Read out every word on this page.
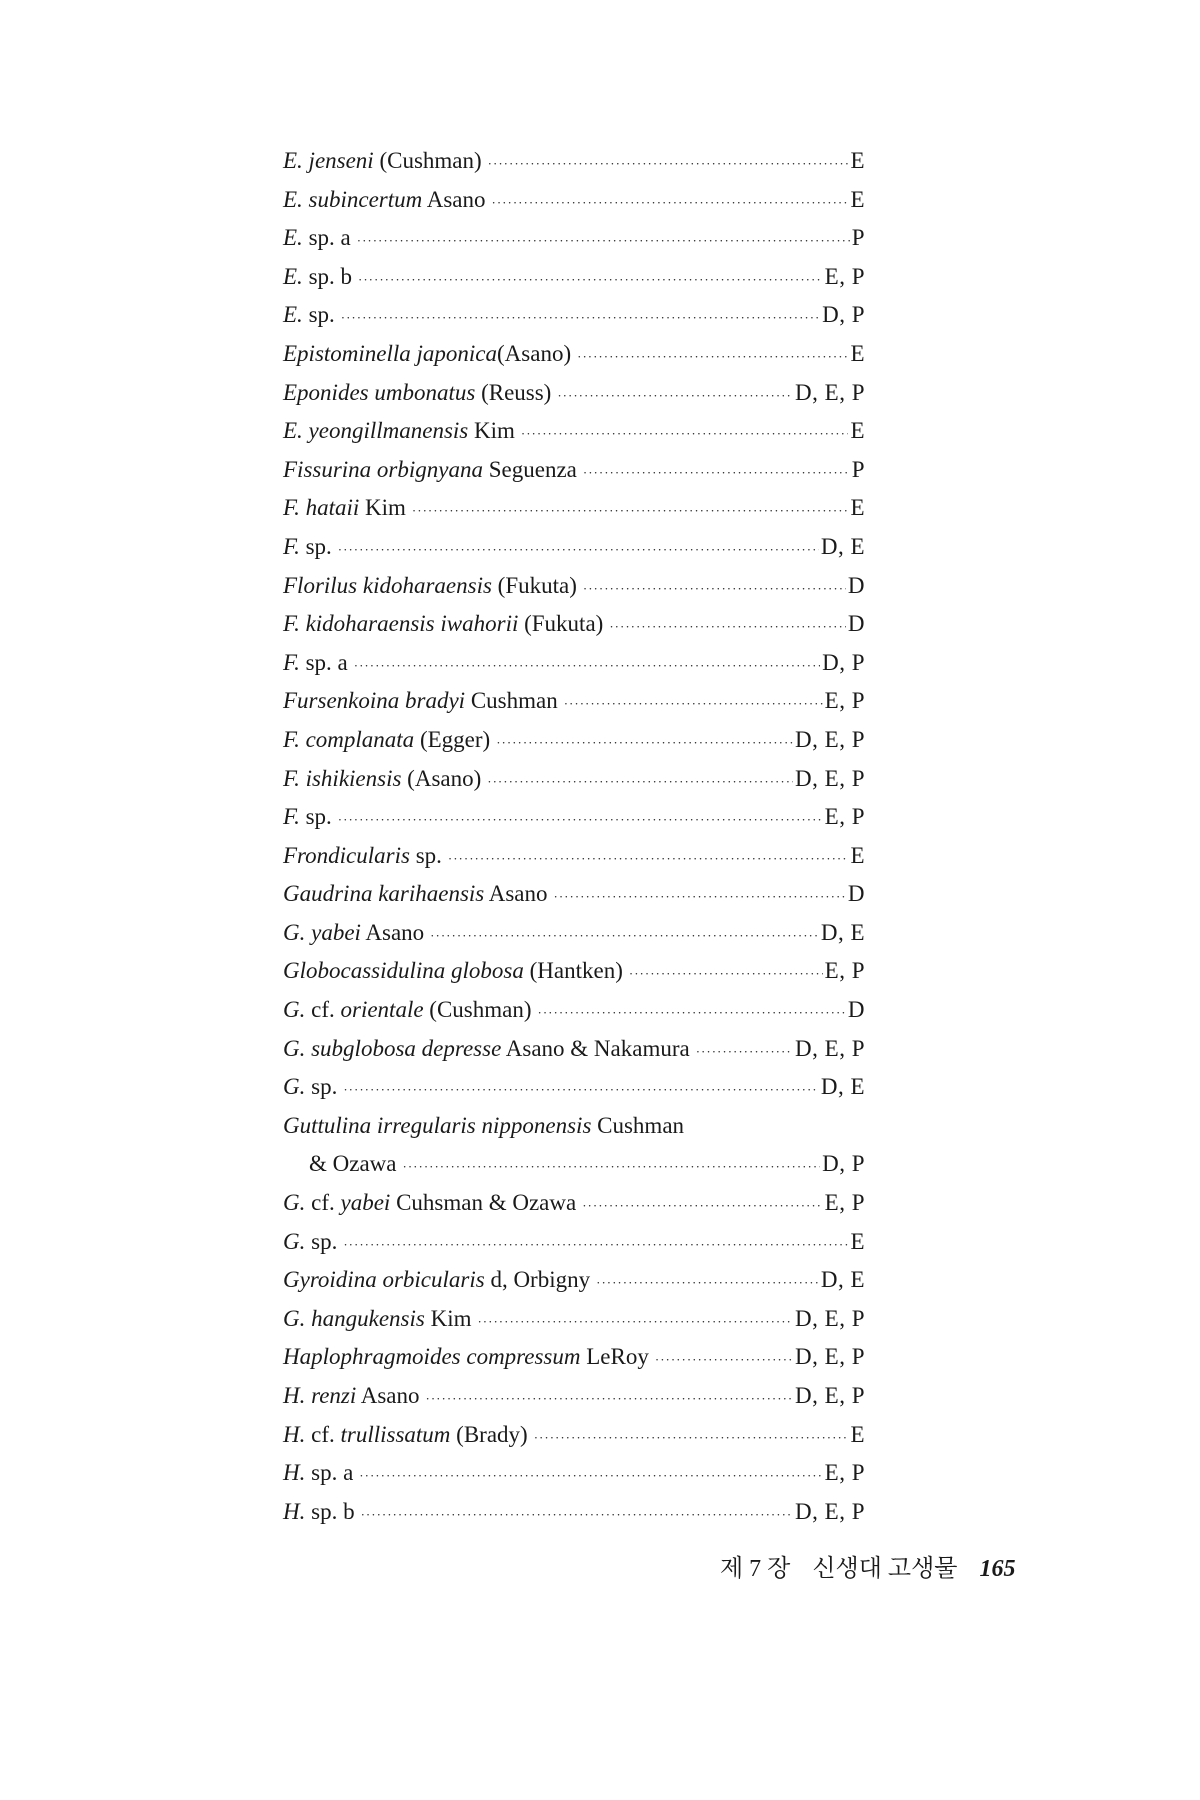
E. jenseni (Cushman) ·····	E
E. subincertum Asano ·····	E
E. sp. a ·····	P
E. sp. b ·····	E, P
E. sp. ·····	D, P
Epistominella japonica(Asano) ·····	E
Eponides umbonatus (Reuss) ·····	D, E, P
E. yeongillmanensis Kim ·····	E
Fissurina orbignyana Seguenza ·····	P
F. hataii Kim ·····	E
F. sp. ·····	D, E
Florilus kidoharaensis (Fukuta) ·····	D
F. kidoharaensis iwahorii (Fukuta) ·····	D
F. sp. a ·····	D, P
Fursenkoina bradyi Cushman ·····	E, P
F. complanata (Egger) ·····	D, E, P
F. ishikiensis (Asano) ·····	D, E, P
F. sp. ·····	E, P
Frondicularis sp. ·····	E
Gaudrina karihaensis Asano ·····	D
G. yabei Asano ·····	D, E
Globocassidulina globosa (Hantken) ·····	E, P
G. cf. orientale (Cushman) ·····	D
G. subglobosa depresse Asano & Nakamura ·····	D, E, P
G. sp. ·····	D, E
Guttulina irregularis nipponensis Cushman
& Ozawa ·····	D, P
G. cf. yabei Cuhsman & Ozawa ·····	E, P
G. sp. ·····	E
Gyroidina orbicularis d, Orbigny ·····	D, E
G. hangukensis Kim ·····	D, E, P
Haplophragmoides compressum LeRoy ·····	D, E, P
H. renzi Asano ·····	D, E, P
H. cf. trullissatum (Brady) ·····	E
H. sp. a ·····	E, P
H. sp. b ·····	D, E, P
제 7 장 신생대 고생물 165
